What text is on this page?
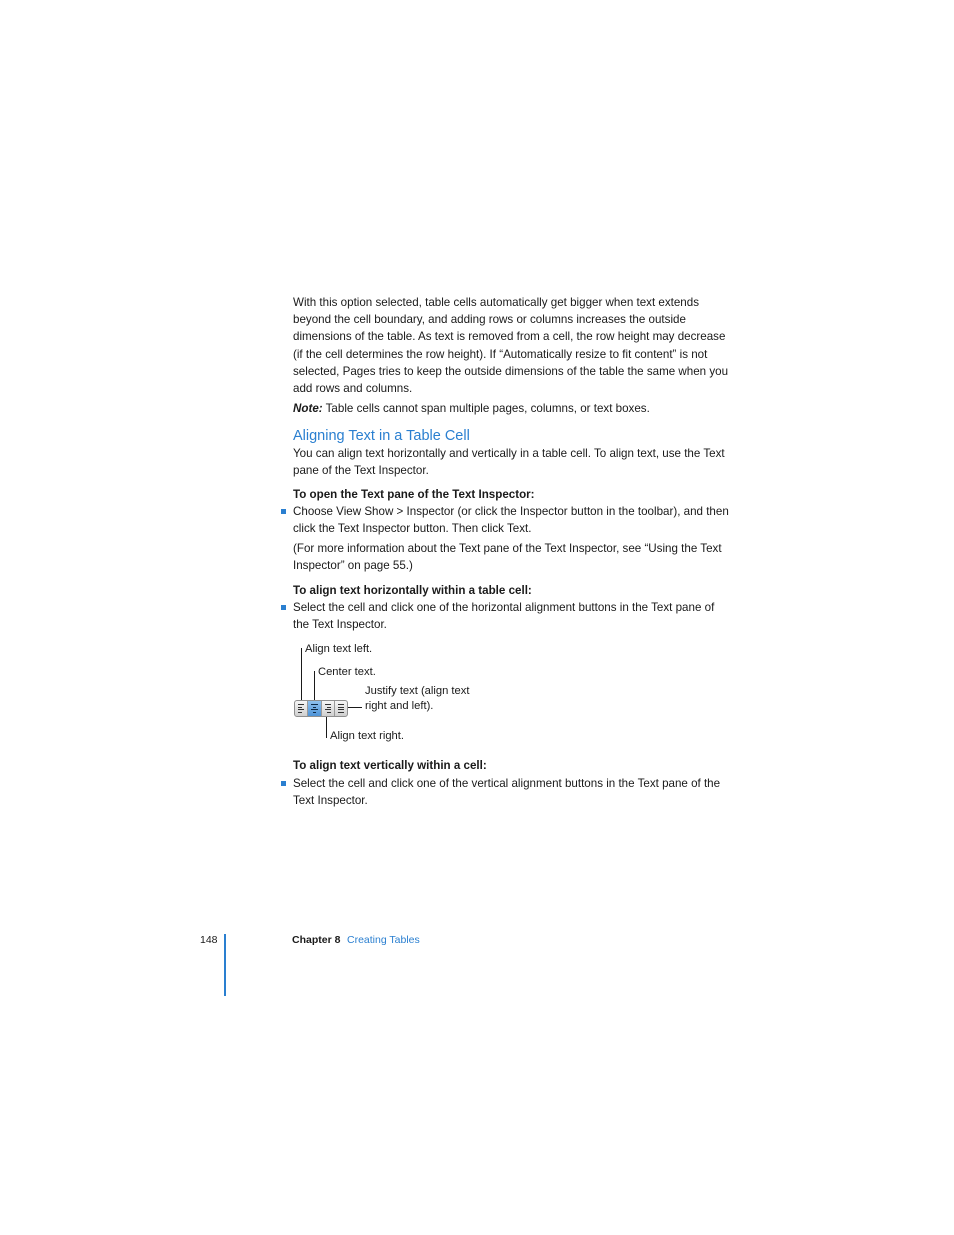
With this option selected, table cells automatically get bigger when text extends beyond the cell boundary, and adding rows or columns increases the outside dimensions of the table. As text is removed from a cell, the row height may decrease (if the cell determines the row height). If “Automatically resize to fit content” is not selected, Pages tries to keep the outside dimensions of the table the same when you add rows and columns.

Note: Table cells cannot span multiple pages, columns, or text boxes.

Aligning Text in a Table Cell

You can align text horizontally and vertically in a table cell. To align text, use the Text pane of the Text Inspector.

To open the Text pane of the Text Inspector:

Choose View Show > Inspector (or click the Inspector button in the toolbar), and then click the Text Inspector button. Then click Text.

(For more information about the Text pane of the Text Inspector, see “Using the Text Inspector” on page 55.)

To align text horizontally within a table cell:

Select the cell and click one of the horizontal alignment buttons in the Text pane of the Text Inspector.

Align text left.
Center text.
Justify text (align text
right and left).
Align text right.

To align text vertically within a cell:

Select the cell and click one of the vertical alignment buttons in the Text pane of the Text Inspector.

148	Chapter 8 Creating Tables
